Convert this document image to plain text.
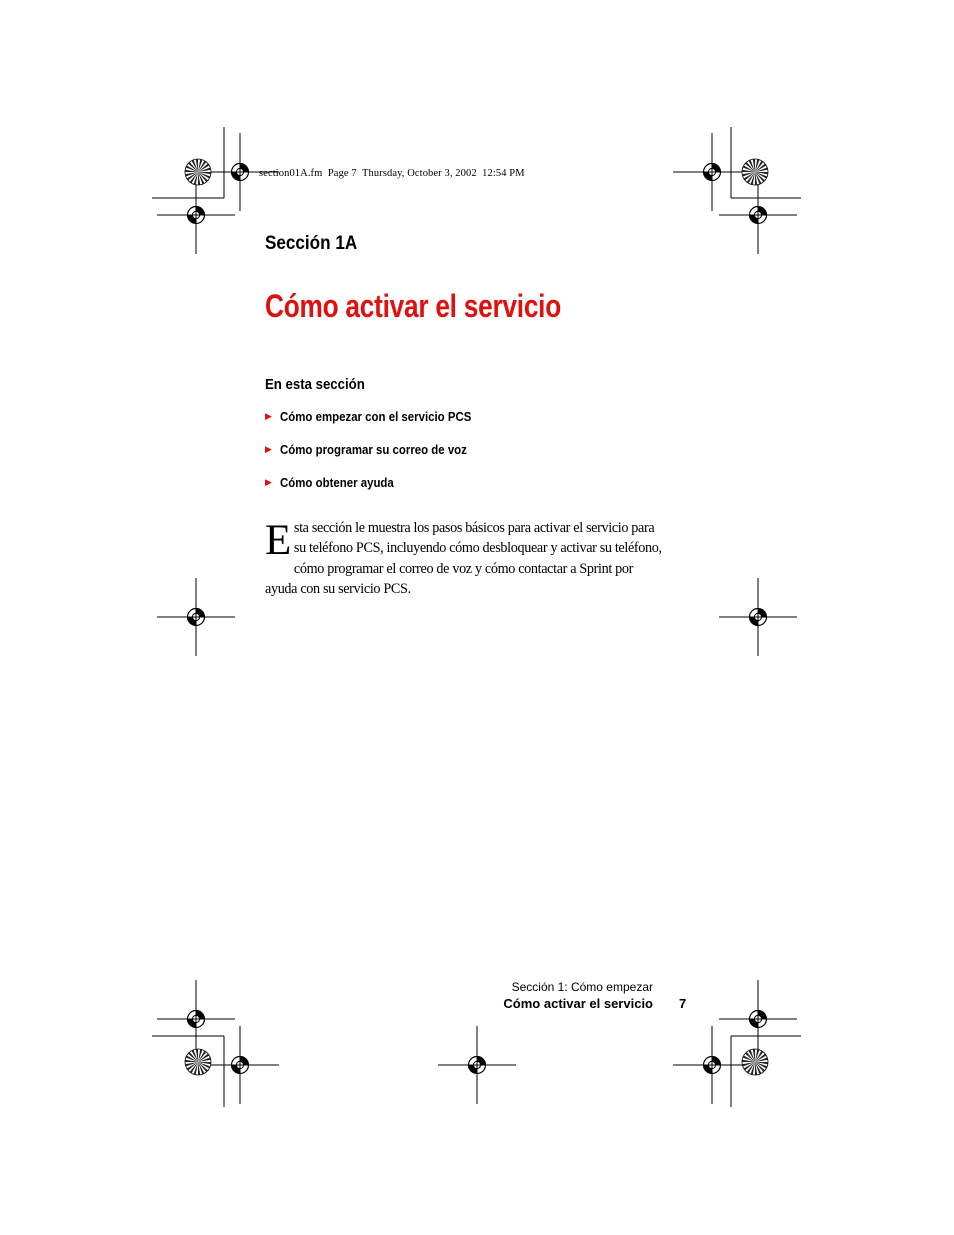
section01A.fm  Page 7  Thursday, October 3, 2002  12:54 PM
Sección 1A
Cómo activar el servicio
En esta sección
▶ Cómo empezar con el servicio PCS
▶ Cómo programar su correo de voz
▶ Cómo obtener ayuda
Esta sección le muestra los pasos básicos para activar el servicio para su teléfono PCS, incluyendo cómo desbloquear y activar su teléfono, cómo programar el correo de voz y cómo contactar a Sprint por ayuda con su servicio PCS.
Sección 1: Cómo empezar
Cómo activar el servicio 7
